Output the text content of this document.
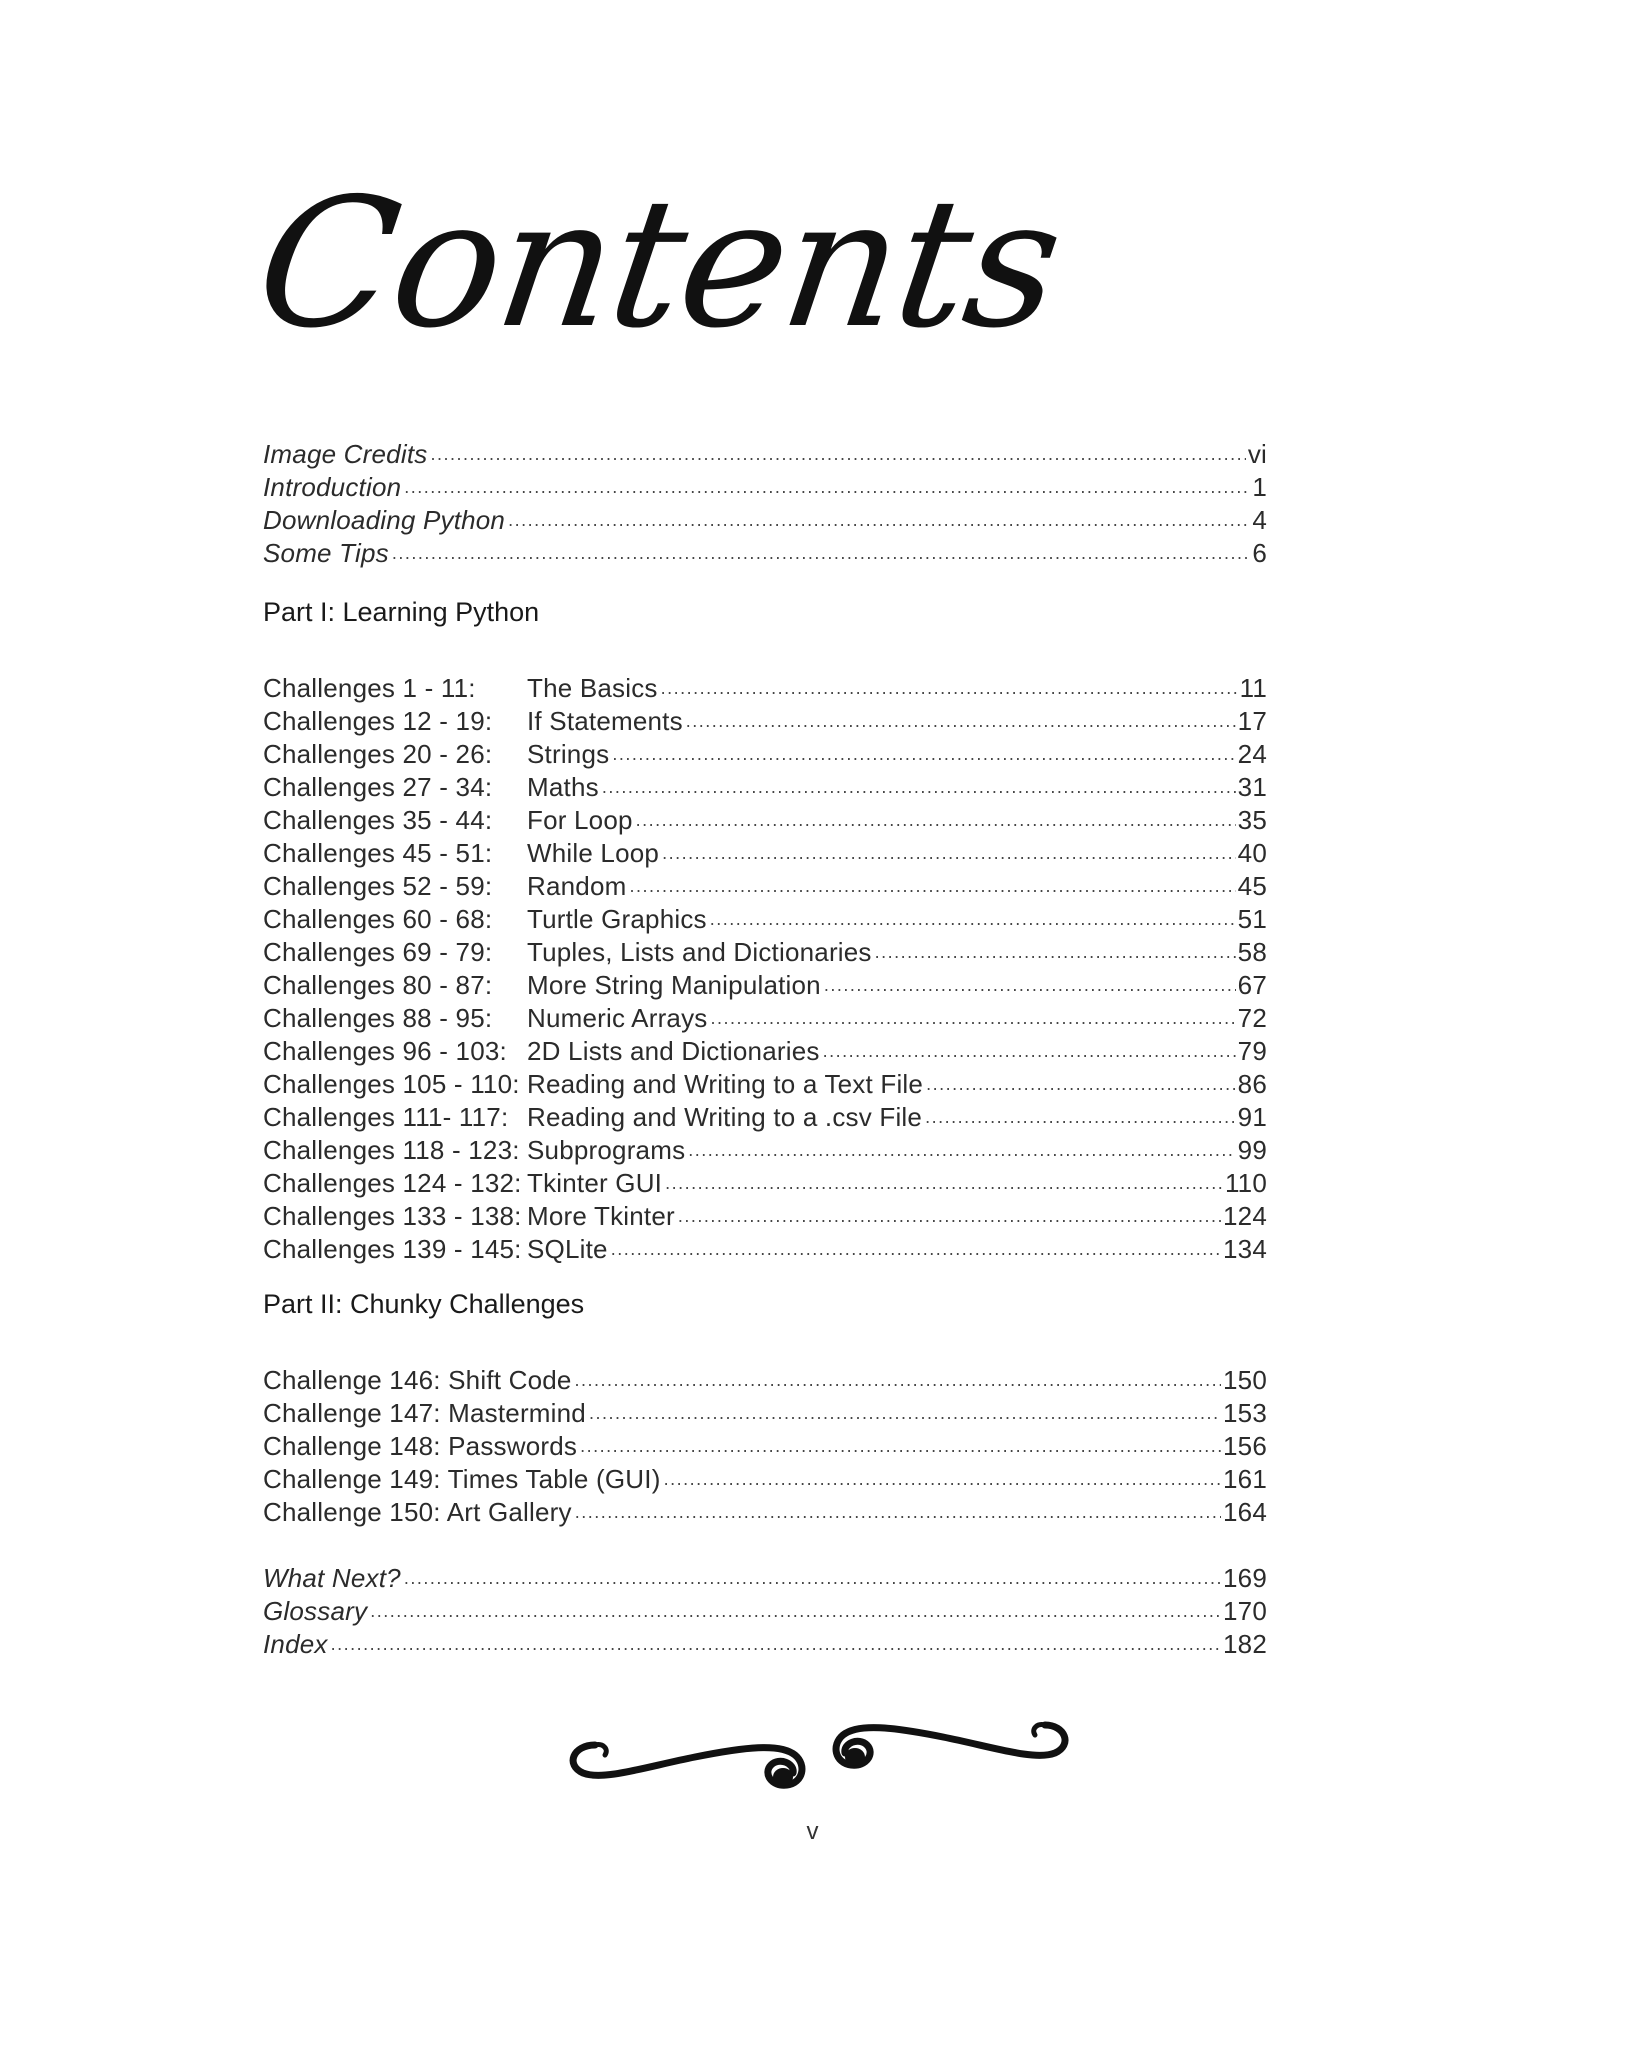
Contents
Image Credits .....	vi
Introduction .....	1
Downloading Python .....	4
Some Tips .....	6
Part I: Learning Python
Challenges 1 - 11:	The Basics .....	11
Challenges 12 - 19:	If Statements .....	17
Challenges 20 - 26:	Strings .....	24
Challenges 27 - 34:	Maths .....	31
Challenges 35 - 44:	For Loop .....	35
Challenges 45 - 51:	While Loop .....	40
Challenges 52 - 59:	Random .....	45
Challenges 60 - 68:	Turtle Graphics .....	51
Challenges 69 - 79:	Tuples, Lists and Dictionaries .....	58
Challenges 80 - 87:	More String Manipulation .....	67
Challenges 88 - 95:	Numeric Arrays .....	72
Challenges 96 - 103: 2D Lists and Dictionaries .....	79
Challenges 105 - 110: Reading and Writing to a Text File .....	86
Challenges 111- 117: Reading and Writing to a .csv File .....	91
Challenges 118 - 123: Subprograms .....	99
Challenges 124 - 132: Tkinter GUI .....	110
Challenges 133 - 138: More Tkinter .....	124
Challenges 139 - 145: SQLite .....	134
Part II: Chunky Challenges
Challenge 146: Shift Code .....	150
Challenge 147: Mastermind .....	153
Challenge 148: Passwords .....	156
Challenge 149: Times Table (GUI) .....	161
Challenge 150: Art Gallery .....	164
What Next? .....	169
Glossary .....	170
Index .....	182
v
